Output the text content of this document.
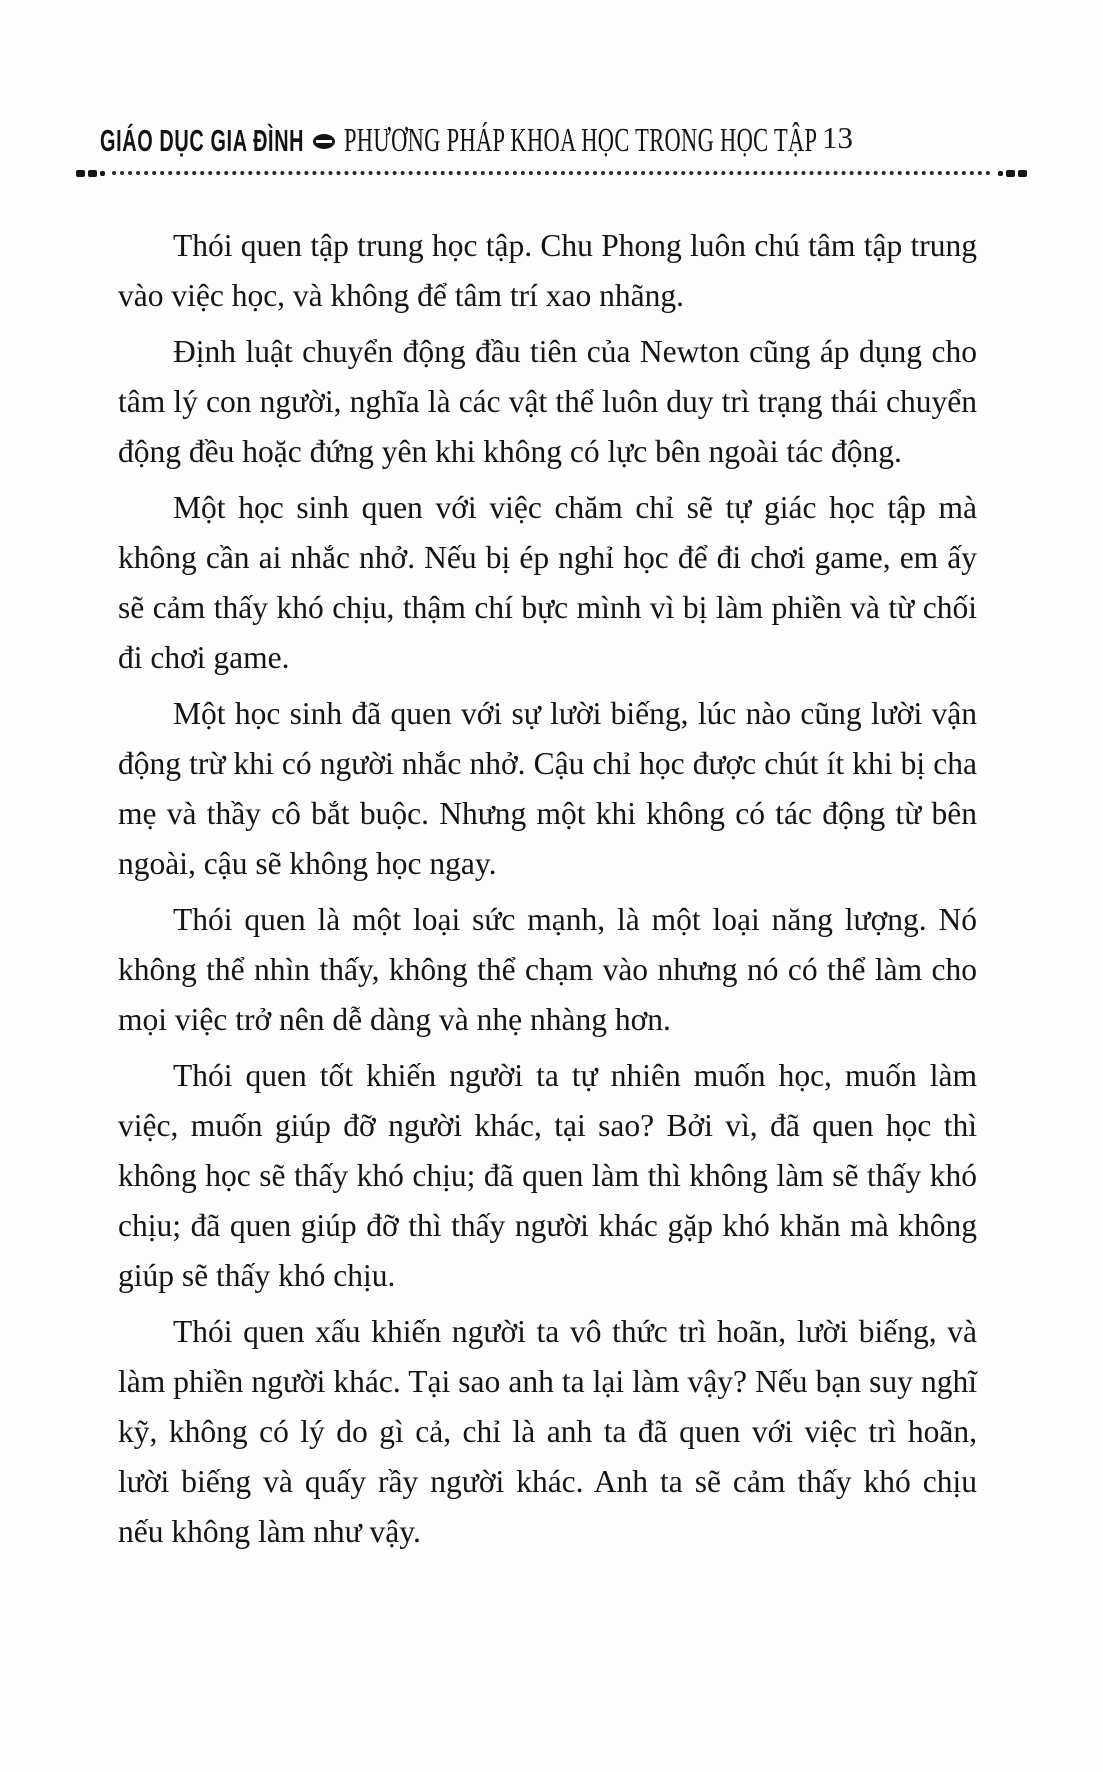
GIÁO DỤC GIA ĐÌNH PHƯƠNG PHÁP KHOA HỌC TRONG HỌC TẬP 13

Thói quen tập trung học tập. Chu Phong luôn chú tâm tập trung vào việc học, và không để tâm trí xao nhãng.

Định luật chuyển động đầu tiên của Newton cũng áp dụng cho tâm lý con người, nghĩa là các vật thể luôn duy trì trạng thái chuyển động đều hoặc đứng yên khi không có lực bên ngoài tác động.

Một học sinh quen với việc chăm chỉ sẽ tự giác học tập mà không cần ai nhắc nhở. Nếu bị ép nghỉ học để đi chơi game, em ấy sẽ cảm thấy khó chịu, thậm chí bực mình vì bị làm phiền và từ chối đi chơi game.

Một học sinh đã quen với sự lười biếng, lúc nào cũng lười vận động trừ khi có người nhắc nhở. Cậu chỉ học được chút ít khi bị cha mẹ và thầy cô bắt buộc. Nhưng một khi không có tác động từ bên ngoài, cậu sẽ không học ngay.

Thói quen là một loại sức mạnh, là một loại năng lượng. Nó không thể nhìn thấy, không thể chạm vào nhưng nó có thể làm cho mọi việc trở nên dễ dàng và nhẹ nhàng hơn.

Thói quen tốt khiến người ta tự nhiên muốn học, muốn làm việc, muốn giúp đỡ người khác, tại sao? Bởi vì, đã quen học thì không học sẽ thấy khó chịu; đã quen làm thì không làm sẽ thấy khó chịu; đã quen giúp đỡ thì thấy người khác gặp khó khăn mà không giúp sẽ thấy khó chịu.

Thói quen xấu khiến người ta vô thức trì hoãn, lười biếng, và làm phiền người khác. Tại sao anh ta lại làm vậy? Nếu bạn suy nghĩ kỹ, không có lý do gì cả, chỉ là anh ta đã quen với việc trì hoãn, lười biếng và quấy rầy người khác. Anh ta sẽ cảm thấy khó chịu nếu không làm như vậy.
